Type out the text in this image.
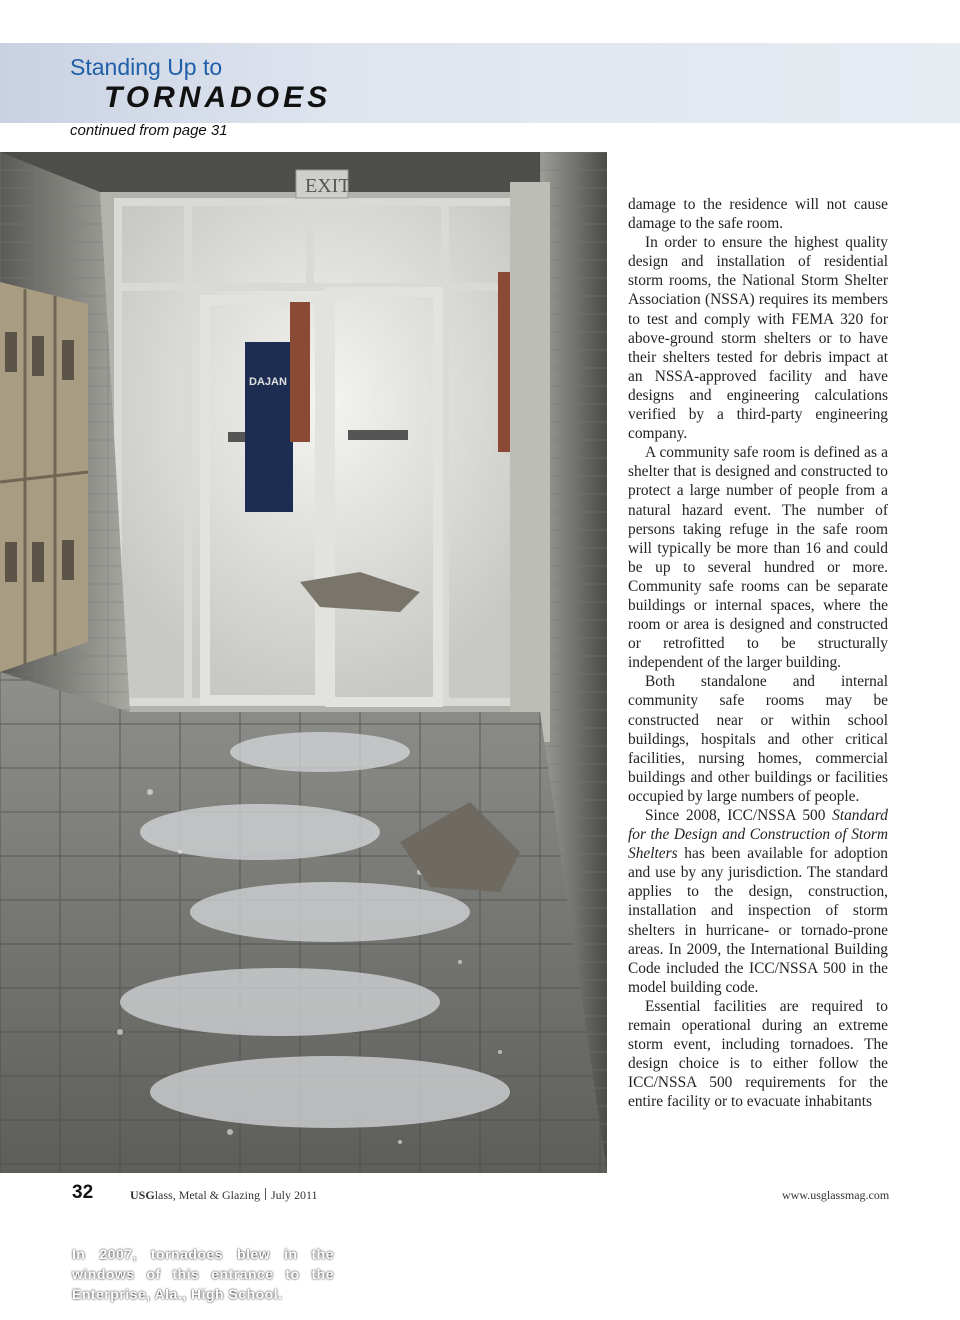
Standing Up to
TORNADOES
continued from page 31
DAJAN
EXIT
In 2007, tornadoes blew in the windows of this entrance to the Enterprise, Ala., High School.	Photo: FEMA/Mark Wolfe

damage to the residence will not cause damage to the safe room.

In order to ensure the highest quality design and installation of residential storm rooms, the National Storm Shelter Association (NSSA) requires its members to test and comply with FEMA 320 for above-ground storm shelters or to have their shelters tested for debris impact at an NSSA-approved facility and have designs and engineering calculations verified by a third-party engineering company.

A community safe room is defined as a shelter that is designed and constructed to protect a large number of people from a natural hazard event. The number of persons taking refuge in the safe room will typically be more than 16 and could be up to several hundred or more. Community safe rooms can be separate buildings or internal spaces, where the room or area is designed and constructed or retrofitted to be structurally independent of the larger building.

Both standalone and internal community safe rooms may be constructed near or within school buildings, hospitals and other critical facilities, nursing homes, commercial buildings and other buildings or facilities occupied by large numbers of people.

Since 2008, ICC/NSSA 500 Standard for the Design and Construction of Storm Shelters has been available for adoption and use by any jurisdiction. The standard applies to the design, construction, installation and inspection of storm shelters in hurricane- or tornado-prone areas. In 2009, the International Building Code included the ICC/NSSA 500 in the model building code.

Essential facilities are required to remain operational during an extreme storm event, including tornadoes. The design choice is to either follow the ICC/NSSA 500 requirements for the entire facility or to evacuate inhabitants

32	USGlass, Metal & Glazing July 2011	www.usglassmag.com
